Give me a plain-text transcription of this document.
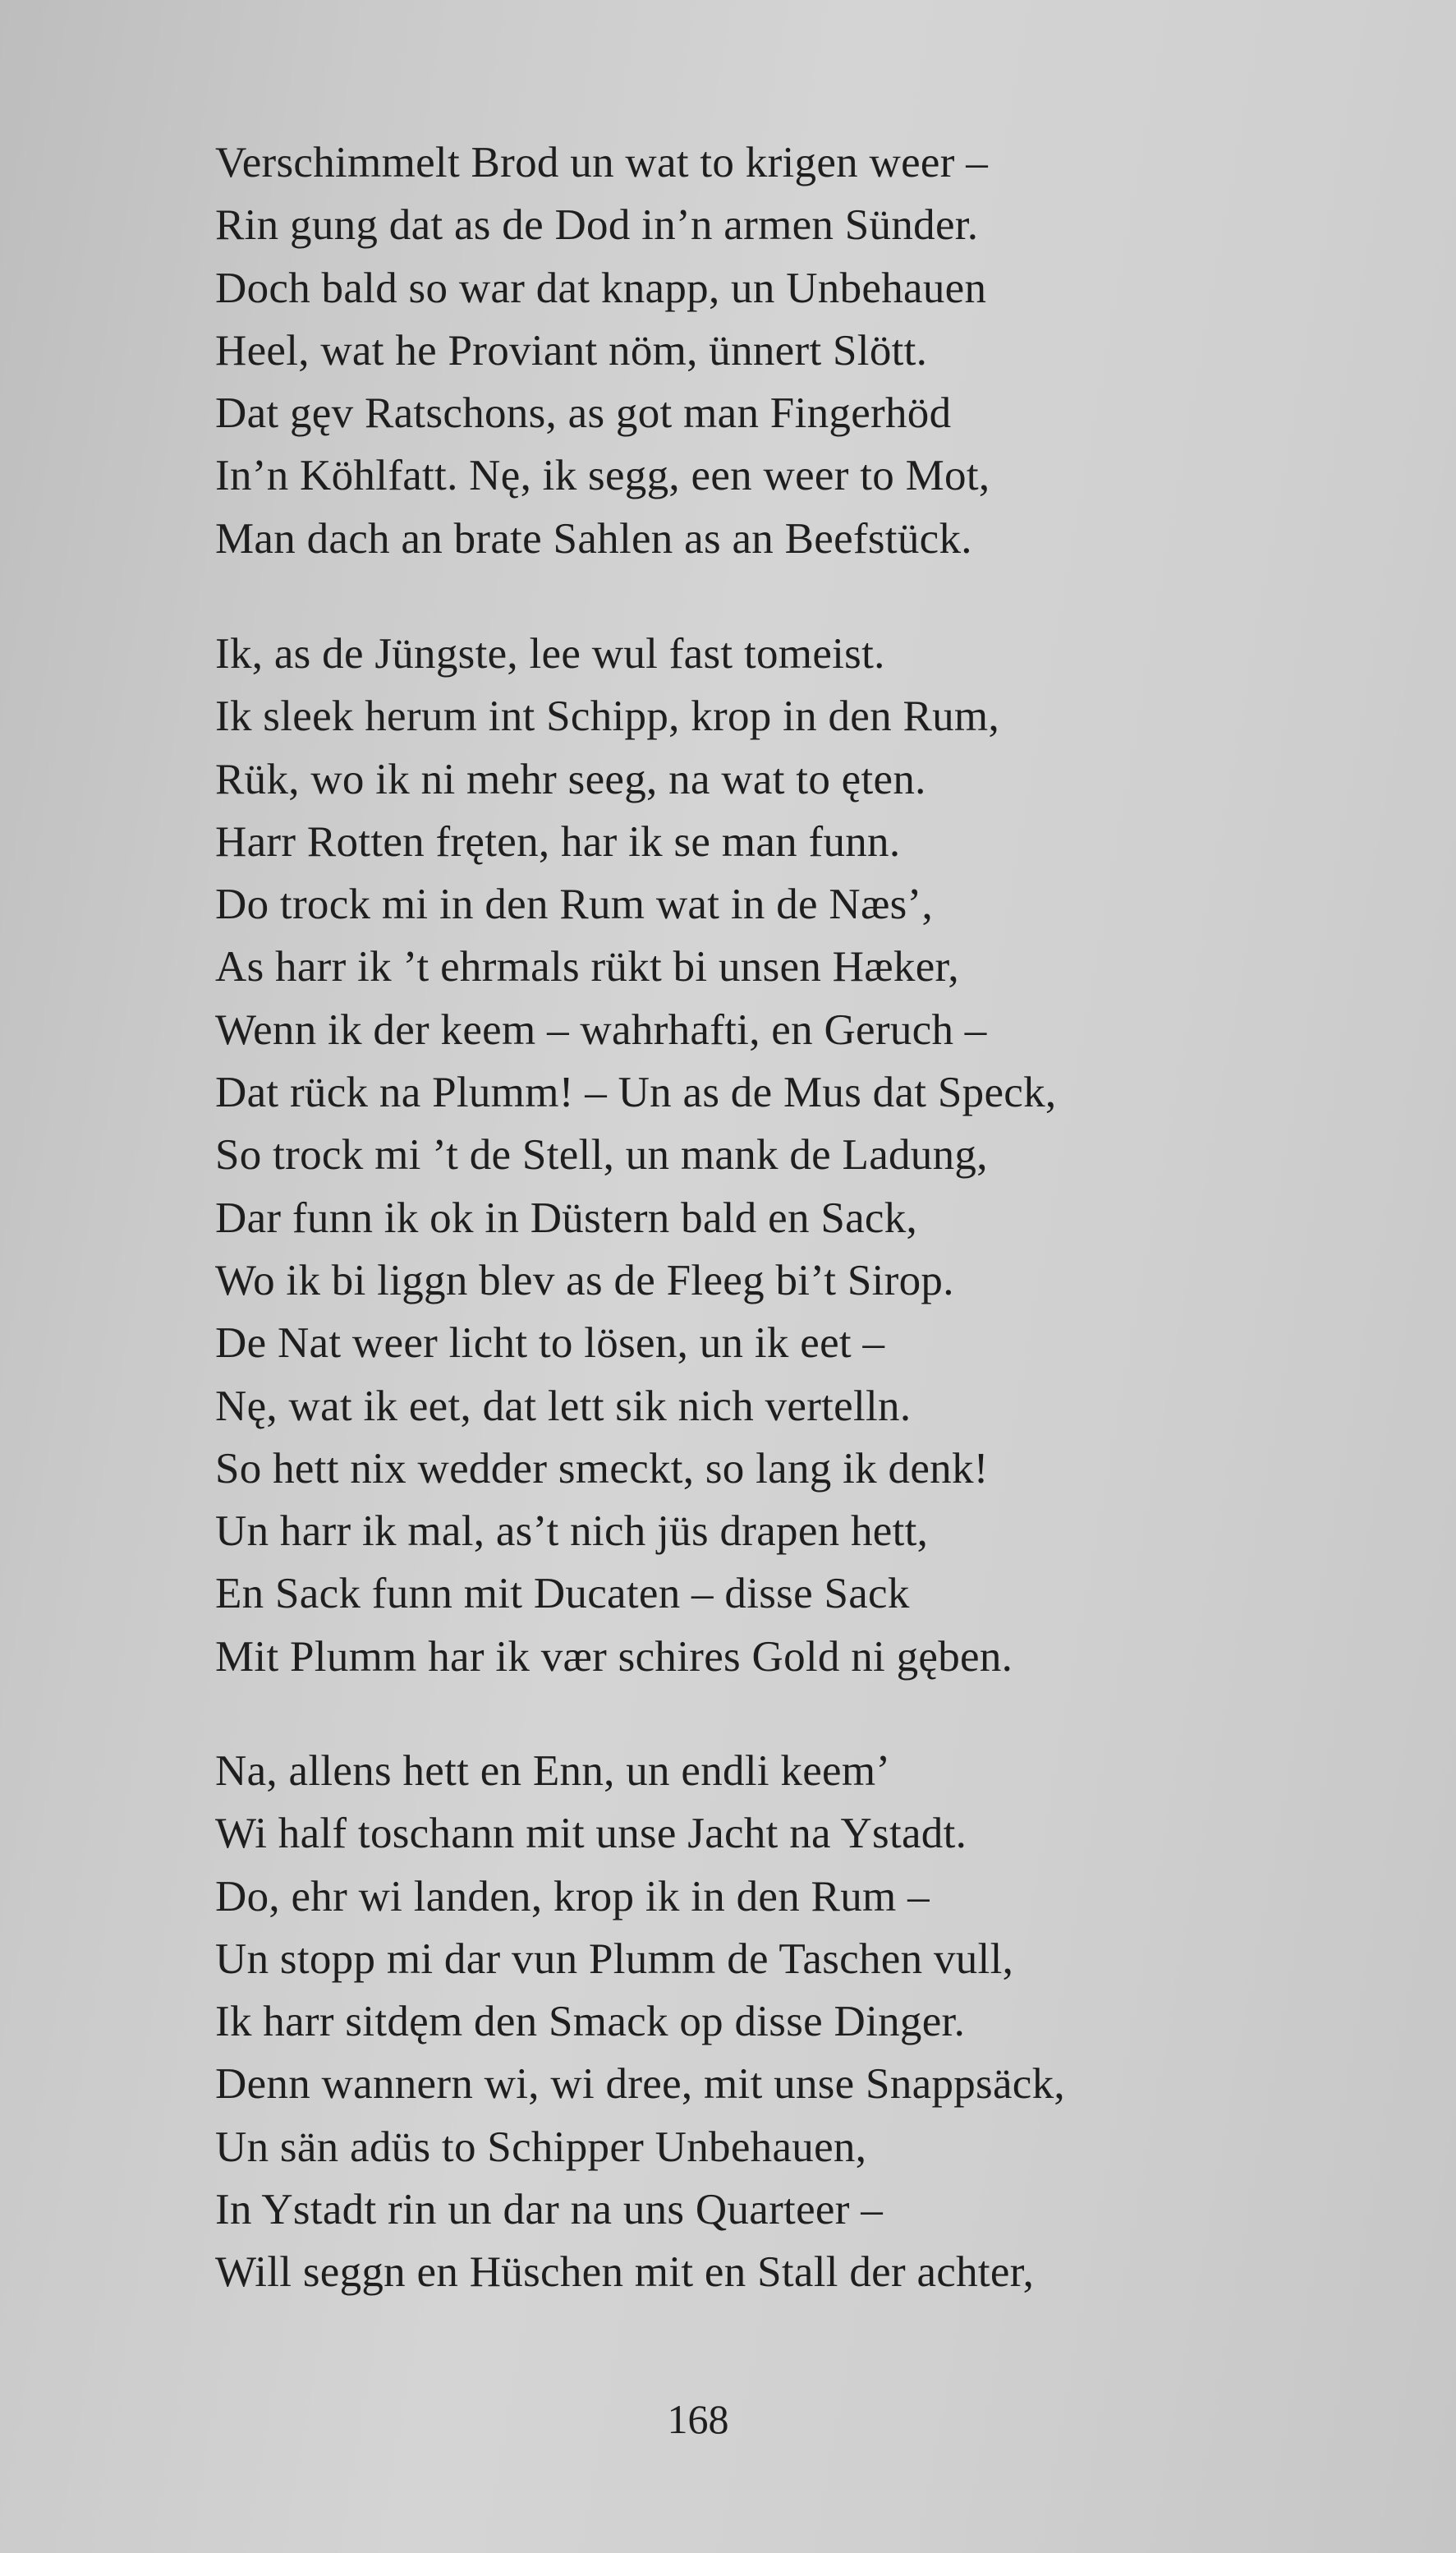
Verschimmelt Brod un wat to krigen weer –
Rin gung dat as de Dod in’n armen Sünder.
Doch bald so war dat knapp, un Unbehauen
Heel, wat he Proviant nöm, ünnert Slött.
Dat gęv Ratschons, as got man Fingerhöd
In’n Köhlfatt. Nę, ik segg, een weer to Mot,
Man dach an brate Sahlen as an Beefstück.
Ik, as de Jüngste, lee wul fast tomeist.
Ik sleek herum int Schipp, krop in den Rum,
Rük, wo ik ni mehr seeg, na wat to ęten.
Harr Rotten fręten, har ik se man funn.
Do trock mi in den Rum wat in de Næs’,
As harr ik ’t ehrmals rükt bi unsen Hæker,
Wenn ik der keem – wahrhafti, en Geruch –
Dat rück na Plumm! – Un as de Mus dat Speck,
So trock mi ’t de Stell, un mank de Ladung,
Dar funn ik ok in Düstern bald en Sack,
Wo ik bi liggn blev as de Fleeg bi’t Sirop.
De Nat weer licht to lösen, un ik eet –
Nę, wat ik eet, dat lett sik nich vertelln.
So hett nix wedder smeckt, so lang ik denk!
Un harr ik mal, as’t nich jüs drapen hett,
En Sack funn mit Ducaten – disse Sack
Mit Plumm har ik vær schires Gold ni gęben.
Na, allens hett en Enn, un endli keem’
Wi half toschann mit unse Jacht na Ystadt.
Do, ehr wi landen, krop ik in den Rum –
Un stopp mi dar vun Plumm de Taschen vull,
Ik harr sitdęm den Smack op disse Dinger.
Denn wannern wi, wi dree, mit unse Snappsäck,
Un sän adüs to Schipper Unbehauen,
In Ystadt rin un dar na uns Quarteer –
Will seggn en Hüschen mit en Stall der achter,
168
